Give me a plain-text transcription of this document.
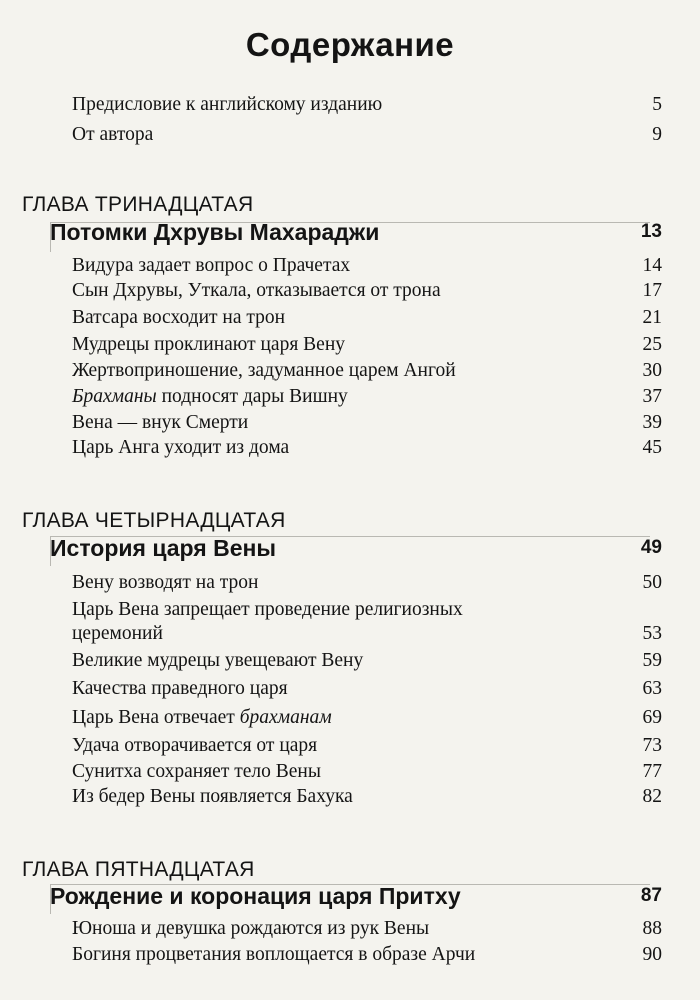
Содержание
Предисловие к английскому изданию	5
От автора	9
ГЛАВА ТРИНАДЦАТАЯ
Потомки Дхрувы Махараджи	13
Видура задает вопрос о Прачетах	14
Сын Дхрувы, Уткала, отказывается от трона	17
Ватсара восходит на трон	21
Мудрецы проклинают царя Вену	25
Жертвоприношение, задуманное царем Ангой	30
Брахманы подносят дары Вишну	37
Вена — внук Смерти	39
Царь Анга уходит из дома	45
ГЛАВА ЧЕТЫРНАДЦАТАЯ
История царя Вены	49
Вену возводят на трон	50
Царь Вена запрещает проведение религиозных
церемоний	53
Великие мудрецы увещевают Вену	59
Качества праведного царя	63
Царь Вена отвечает брахманам	69
Удача отворачивается от царя	73
Сунитха сохраняет тело Вены	77
Из бедер Вены появляется Бахука	82
ГЛАВА ПЯТНАДЦАТАЯ
Рождение и коронация царя Притху	87
Юноша и девушка рождаются из рук Вены	88
Богиня процветания воплощается в образе Арчи	90
